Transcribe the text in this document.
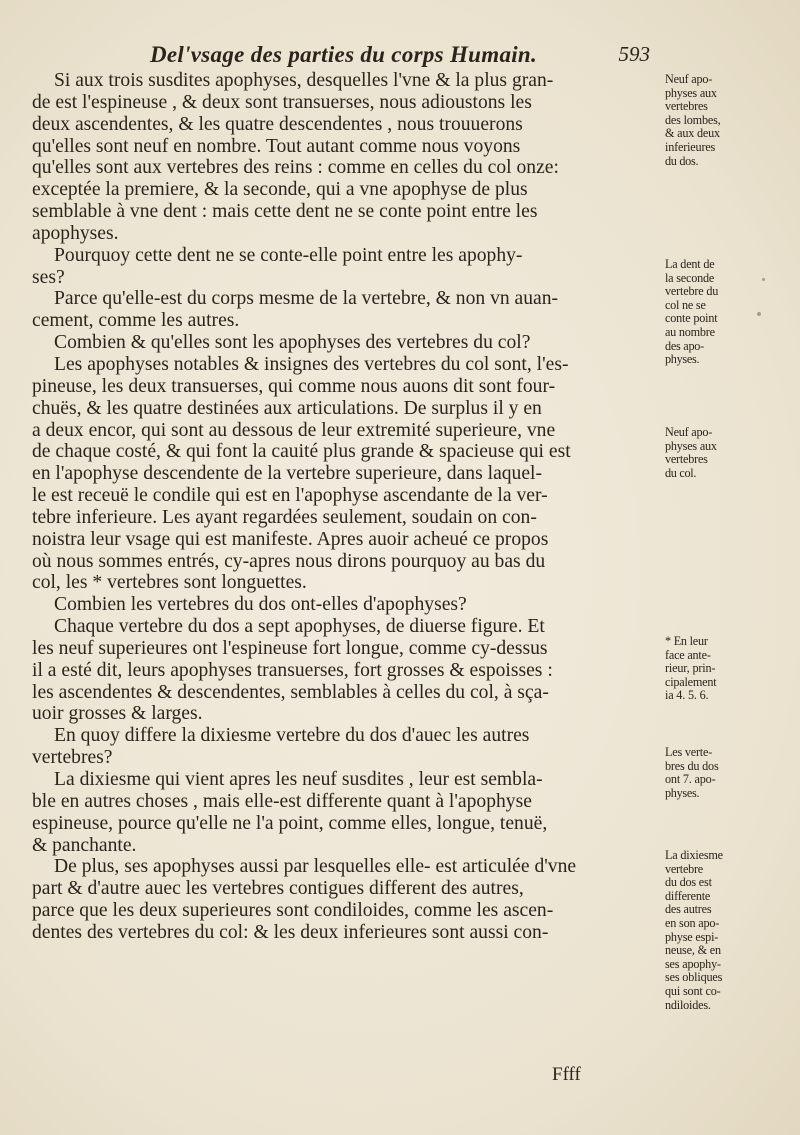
Del'vsage des parties du corps Humain.	593
Si aux trois susdites apophyses, desquelles l'vne & la plus gran-
de est l'espineuse , & deux sont transuerses, nous adioustons les
deux ascendentes, & les quatre descendentes , nous trouuerons
qu'elles sont neuf en nombre. Tout autant comme nous voyons
qu'elles sont aux vertebres des reins : comme en celles du col onze:
exceptée la premiere, & la seconde, qui a vne apophyse de plus
semblable à vne dent : mais cette dent ne se conte point entre les
apophyses.
Pourquoy cette dent ne se conte-elle point entre les apophy-
ses?
Parce qu'elle-est du corps mesme de la vertebre, & non vn auan-
cement, comme les autres.
Combien & qu'elles sont les apophyses des vertebres du col?
Les apophyses notables & insignes des vertebres du col sont, l'es-
pineuse, les deux transuerses, qui comme nous auons dit sont four-
chuës, & les quatre destinées aux articulations. De surplus il y en
a deux encor, qui sont au dessous de leur extremité superieure, vne
de chaque costé, & qui font la cauité plus grande & spacieuse qui est
en l'apophyse descendente de la vertebre superieure, dans laquel-
le est receuë le condile qui est en l'apophyse ascendante de la ver-
tebre inferieure. Les ayant regardées seulement, soudain on con-
noistra leur vsage qui est manifeste. Apres auoir acheué ce propos
où nous sommes entrés, cy-apres nous dirons pourquoy au bas du
col, les * vertebres sont longuettes.
Combien les vertebres du dos ont-elles d'apophyses?
Chaque vertebre du dos a sept apophyses, de diuerse figure. Et
les neuf superieures ont l'espineuse fort longue, comme cy-dessus
il a esté dit, leurs apophyses transuerses, fort grosses & espoisses :
les ascendentes & descendentes, semblables à celles du col, à sça-
uoir grosses & larges.
En quoy differe la dixiesme vertebre du dos d'auec les autres
vertebres?
La dixiesme qui vient apres les neuf susdites , leur est sembla-
ble en autres choses , mais elle-est differente quant à l'apophyse
espineuse, pource qu'elle ne l'a point, comme elles, longue, tenuë,
& panchante.
De plus, ses apophyses aussi par lesquelles elle- est articulée d'vne
part & d'autre auec les vertebres contigues different des autres,
parce que les deux superieures sont condiloides, comme les ascen-
dentes des vertebres du col: & les deux inferieures sont aussi con-
Neuf apo-
physes aux
vertebres
des lombes,
& aux deux
inferieures
du dos.
La dent de
la seconde
vertebre du
col ne se
conte point
au nombre
des apo-
physes.
Neuf apo-
physes aux
vertebres
du col.
* En leur
face ante-
rieur, prin-
cipalement
ia 4. 5. 6.
Les verte-
bres du dos
ont 7. apo-
physes.
La dixiesme
vertebre
du dos est
differente
des autres
en son apo-
physe espi-
neuse, & en
ses apophy-
ses obliques
qui sont co-
ndiloides.
Ffff
